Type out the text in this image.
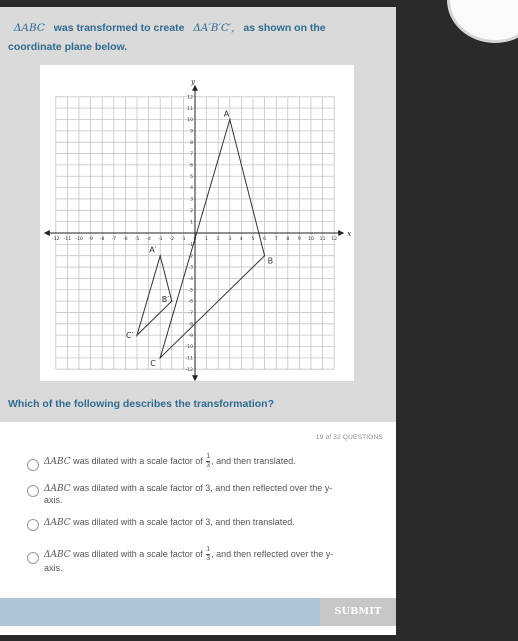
ΔABC was transformed to create ΔA′B′C′, as shown on the coordinate plane below.
x
y
-12 -11 -10 -9 -8 -7 -6 -5 -4 -3 -2 -1 0 1 2 3 4 5 6 7 8 9 10 11 12
12
11
10
9
8
7
6
5
4
3
2
1
-1
-2
-3
-4
-5
-6
-7
-8
-9
-10
-11
-12
A
B
C
A′
B′
C′
Which of the following describes the transformation?
19 of 32 QUESTIONS
ΔABC was dilated with a scale factor of $\frac{1}{3}$ , and then translated.
ΔABC was dilated with a scale factor of 3, and then reflected over the y-
axis.
ΔABC was dilated with a scale factor of 3, and then translated.
ΔABC was dilated with a scale factor of $\frac{1}{3}$ , and then reflected over the y-
axis.
SUBMIT
